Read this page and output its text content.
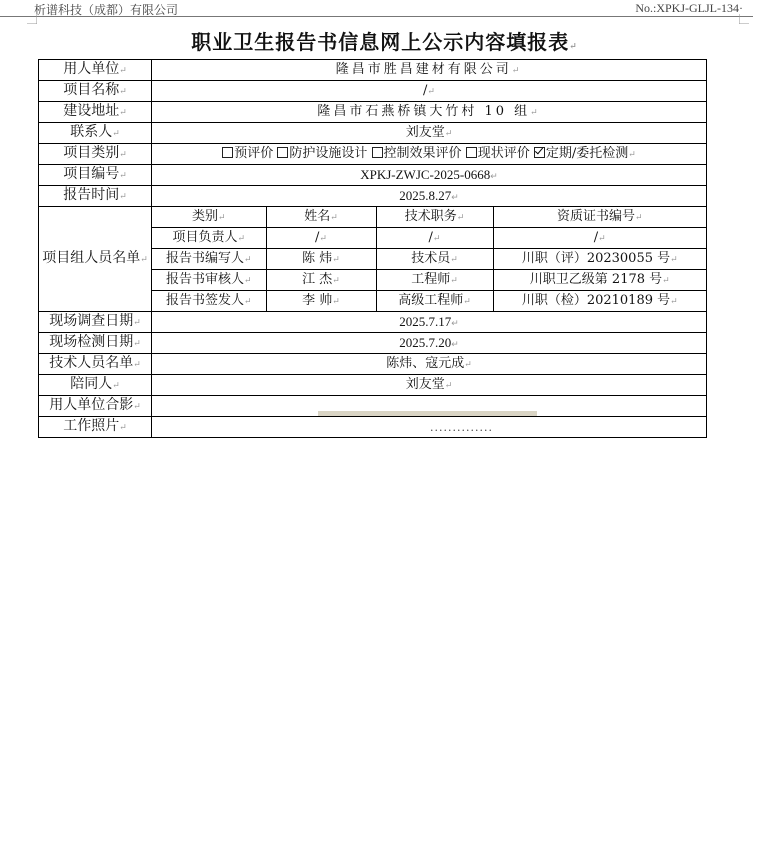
析谱科技（成都）有限公司	No.:XPKJ-GLJL-134·
职业卫生报告书信息网上公示内容填报表↵
用人单位↵	隆昌市胜昌建材有限公司↵
项目名称↵	/↵
建设地址↵	隆昌市石燕桥镇大竹村 10 组↵
联系人↵	刘友堂↵
项目类别↵	预评价 防护设施设计 控制效果评价 现状评价 定期/委托检测↵
项目编号↵	XPKJ-ZWJC-2025-0668↵
报告时间↵	2025.8.27↵
项目组人员名单↵	
类别↵	姓名↵	技术职务↵	资质证书编号↵
项目负责人↵	/↵	/↵	/↵
报告书编写人↵	陈 炜↵	技术员↵	川职（评）20230055 号↵
报告书审核人↵	江 杰↵	工程师↵	川职卫乙级第 2178 号↵
报告书签发人↵	李 帅↵	高级工程师↵	川职（检）20210189 号↵

现场调查日期↵	2025.7.17↵
现场检测日期↵	2025.7.20↵
技术人员名单↵	陈炜、寇元成↵
陪同人↵	刘友堂↵
用人单位合影↵	

工作照片↵	··············
